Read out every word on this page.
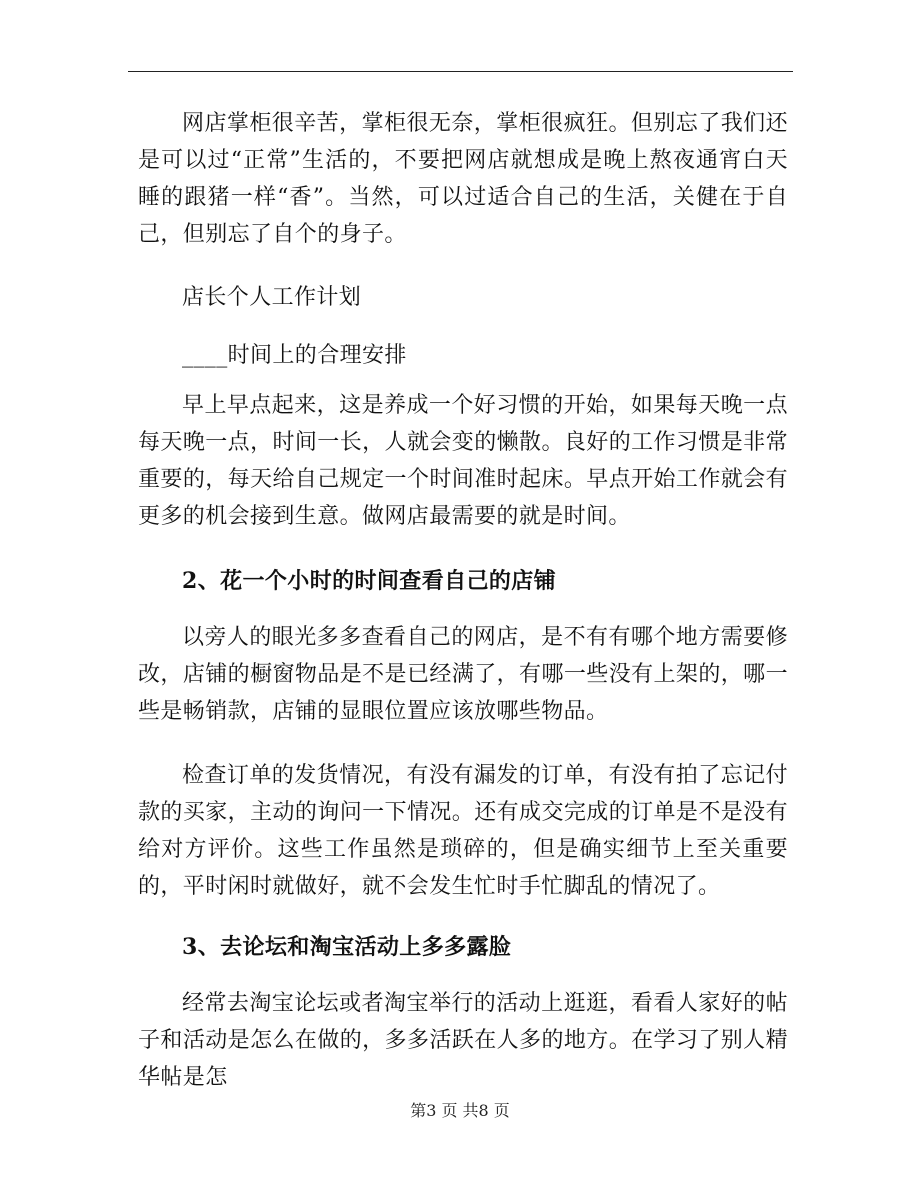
网店掌柜很辛苦，掌柜很无奈，掌柜很疯狂。但别忘了我们还是可以过“正常”生活的，不要把网店就想成是晚上熬夜通宵白天睡的跟猪一样“香”。当然，可以过适合自己的生活，关健在于自己，但别忘了自个的身子。

店长个人工作计划

____时间上的合理安排

早上早点起来，这是养成一个好习惯的开始，如果每天晚一点每天晚一点，时间一长，人就会变的懒散。良好的工作习惯是非常重要的，每天给自己规定一个时间准时起床。早点开始工作就会有更多的机会接到生意。做网店最需要的就是时间。

2、花一个小时的时间查看自己的店铺

以旁人的眼光多多查看自己的网店，是不有有哪个地方需要修改，店铺的橱窗物品是不是已经满了，有哪一些没有上架的，哪一些是畅销款，店铺的显眼位置应该放哪些物品。

检查订单的发货情况，有没有漏发的订单，有没有拍了忘记付款的买家，主动的询问一下情况。还有成交完成的订单是不是没有给对方评价。这些工作虽然是琐碎的，但是确实细节上至关重要的，平时闲时就做好，就不会发生忙时手忙脚乱的情况了。

3、去论坛和淘宝活动上多多露脸

经常去淘宝论坛或者淘宝举行的活动上逛逛，看看人家好的帖子和活动是怎么在做的，多多活跃在人多的地方。在学习了别人精华帖是怎

第3 页 共8 页
